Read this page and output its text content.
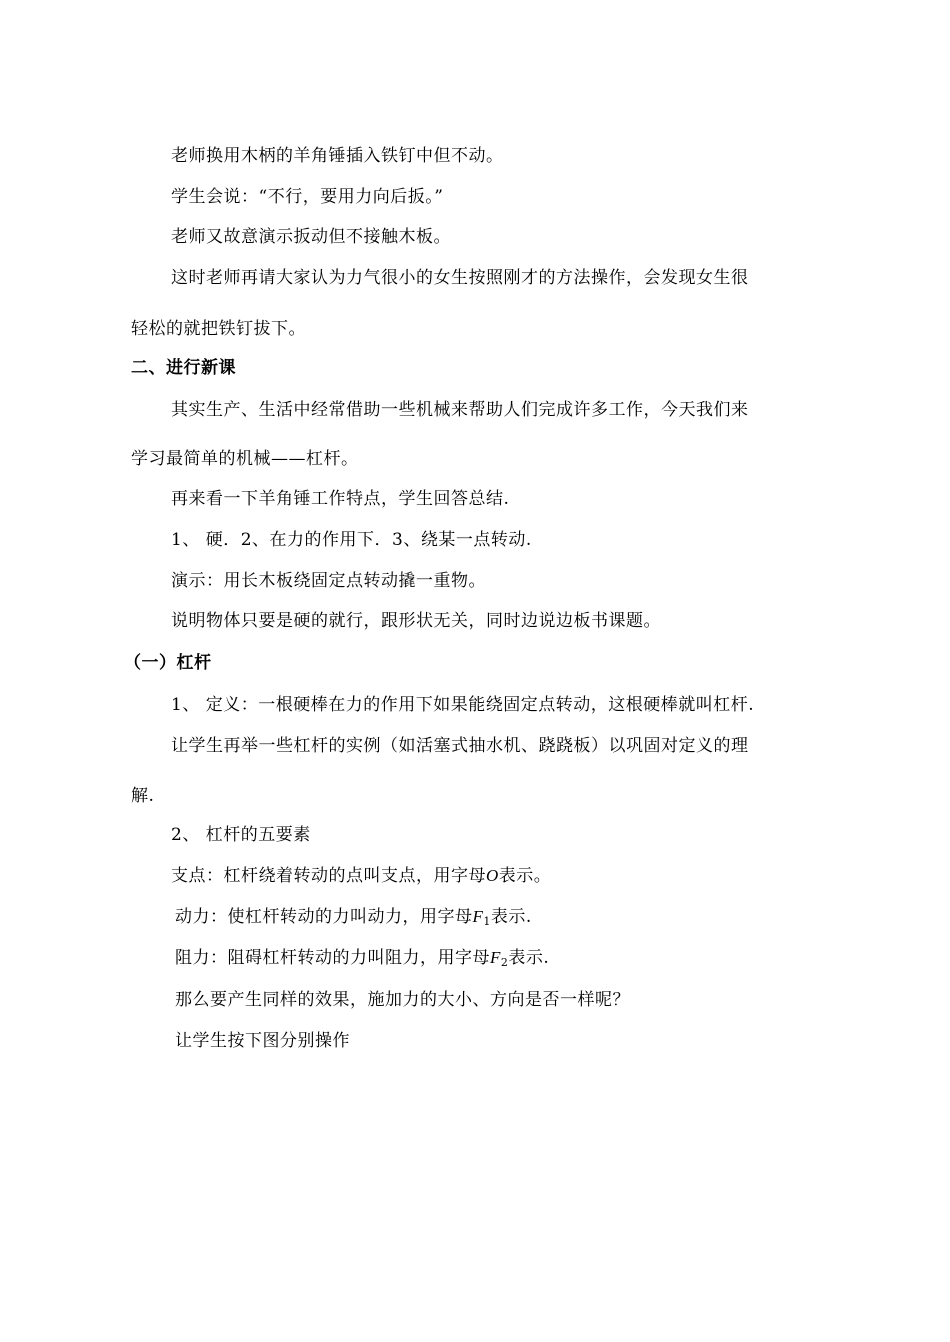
老师换用木柄的羊角锤插入铁钉中但不动。
学生会说：“不行，要用力向后扳。”
老师又故意演示扳动但不接触木板。
这时老师再请大家认为力气很小的女生按照刚才的方法操作，会发现女生很
轻松的就把铁钉拔下。
二、进行新课
其实生产、生活中经常借助一些机械来帮助人们完成许多工作，今天我们来
学习最简单的机械——杠杆。
再来看一下羊角锤工作特点，学生回答总结.
1、 硬．2、在力的作用下．3、绕某一点转动.
演示：用长木板绕固定点转动撬一重物。
说明物体只要是硬的就行，跟形状无关，同时边说边板书课题。
（一）杠杆
1、 定义：一根硬棒在力的作用下如果能绕固定点转动，这根硬棒就叫杠杆.
让学生再举一些杠杆的实例（如活塞式抽水机、跷跷板）以巩固对定义的理
解.
2、 杠杆的五要素
支点：杠杆绕着转动的点叫支点，用字母O表示。
动力：使杠杆转动的力叫动力，用字母$F_1$表示.
阻力：阻碍杠杆转动的力叫阻力，用字母$F_2$表示.
那么要产生同样的效果，施加力的大小、方向是否一样呢？
让学生按下图分别操作
